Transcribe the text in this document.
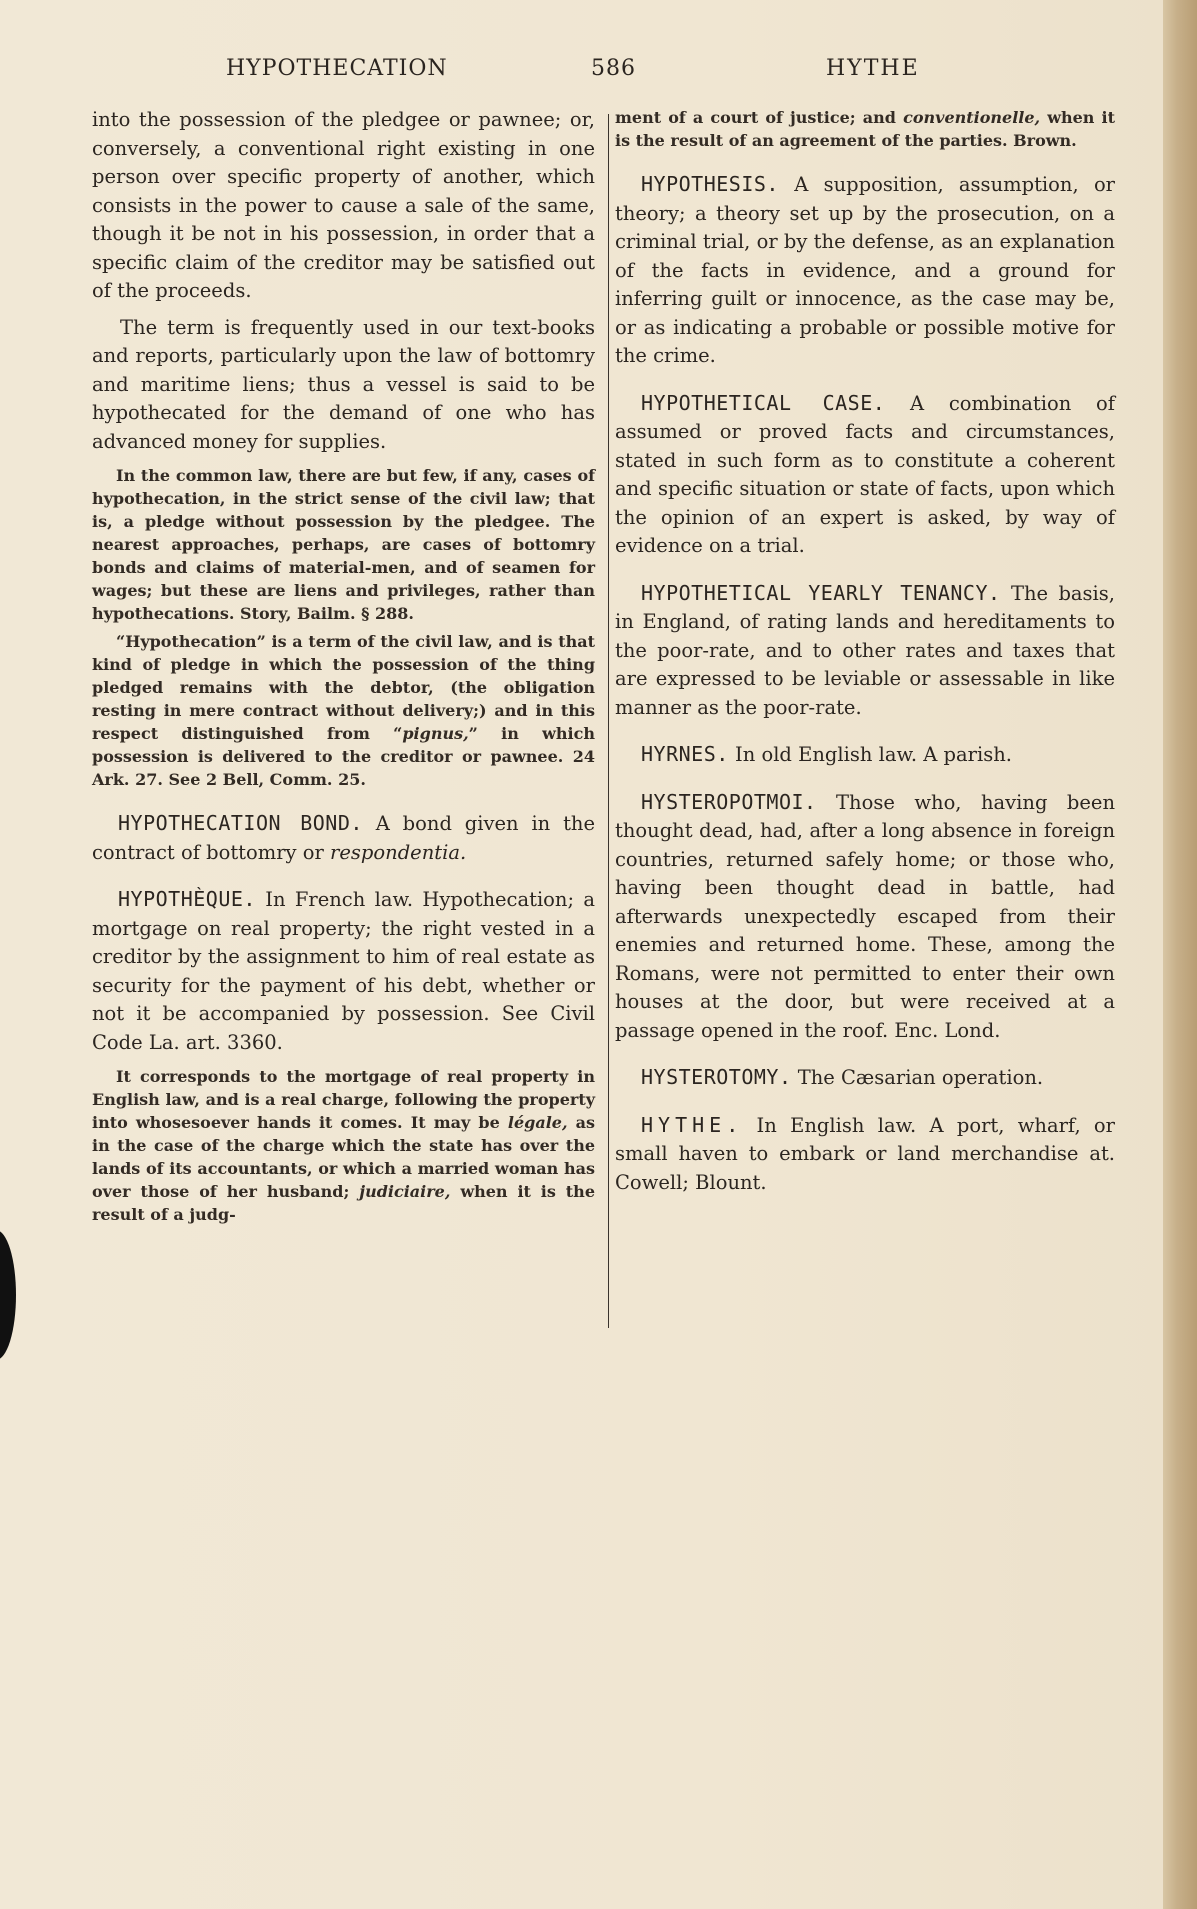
HYPOTHECATION	586	HYTHE

into the possession of the pledgee or pawnee; or, conversely, a conventional right existing in one person over specific property of another, which consists in the power to cause a sale of the same, though it be not in his possession, in order that a specific claim of the creditor may be satisfied out of the proceeds.

The term is frequently used in our text-books and reports, particularly upon the law of bottomry and maritime liens; thus a vessel is said to be hypothecated for the demand of one who has advanced money for supplies.

In the common law, there are but few, if any, cases of hypothecation, in the strict sense of the civil law; that is, a pledge without possession by the pledgee. The nearest approaches, perhaps, are cases of bottomry bonds and claims of material-men, and of seamen for wages; but these are liens and privileges, rather than hypothecations. Story, Bailm. § 288.

“Hypothecation” is a term of the civil law, and is that kind of pledge in which the possession of the thing pledged remains with the debtor, (the obligation resting in mere contract without delivery;) and in this respect distinguished from “pignus,” in which possession is delivered to the creditor or pawnee. 24 Ark. 27. See 2 Bell, Comm. 25.

HYPOTHECATION BOND. A bond given in the contract of bottomry or respondentia.

HYPOTHÈQUE. In French law. Hypothecation; a mortgage on real property; the right vested in a creditor by the assignment to him of real estate as security for the payment of his debt, whether or not it be accompanied by possession. See Civil Code La. art. 3360.

It corresponds to the mortgage of real property in English law, and is a real charge, following the property into whosesoever hands it comes. It may be légale, as in the case of the charge which the state has over the lands of its accountants, or which a married woman has over those of her husband; judiciaire, when it is the result of a judg-

ment of a court of justice; and conventionelle, when it is the result of an agreement of the parties. Brown.

HYPOTHESIS. A supposition, assumption, or theory; a theory set up by the prosecution, on a criminal trial, or by the defense, as an explanation of the facts in evidence, and a ground for inferring guilt or innocence, as the case may be, or as indicating a probable or possible motive for the crime.

HYPOTHETICAL CASE. A combination of assumed or proved facts and circumstances, stated in such form as to constitute a coherent and specific situation or state of facts, upon which the opinion of an expert is asked, by way of evidence on a trial.

HYPOTHETICAL YEARLY TENANCY. The basis, in England, of rating lands and hereditaments to the poor-rate, and to other rates and taxes that are expressed to be leviable or assessable in like manner as the poor-rate.

HYRNES. In old English law. A parish.

HYSTEROPOTMOI. Those who, having been thought dead, had, after a long absence in foreign countries, returned safely home; or those who, having been thought dead in battle, had afterwards unexpectedly escaped from their enemies and returned home. These, among the Romans, were not permitted to enter their own houses at the door, but were received at a passage opened in the roof. Enc. Lond.

HYSTEROTOMY. The Cæsarian operation.

HYTHE. In English law. A port, wharf, or small haven to embark or land merchandise at. Cowell; Blount.
